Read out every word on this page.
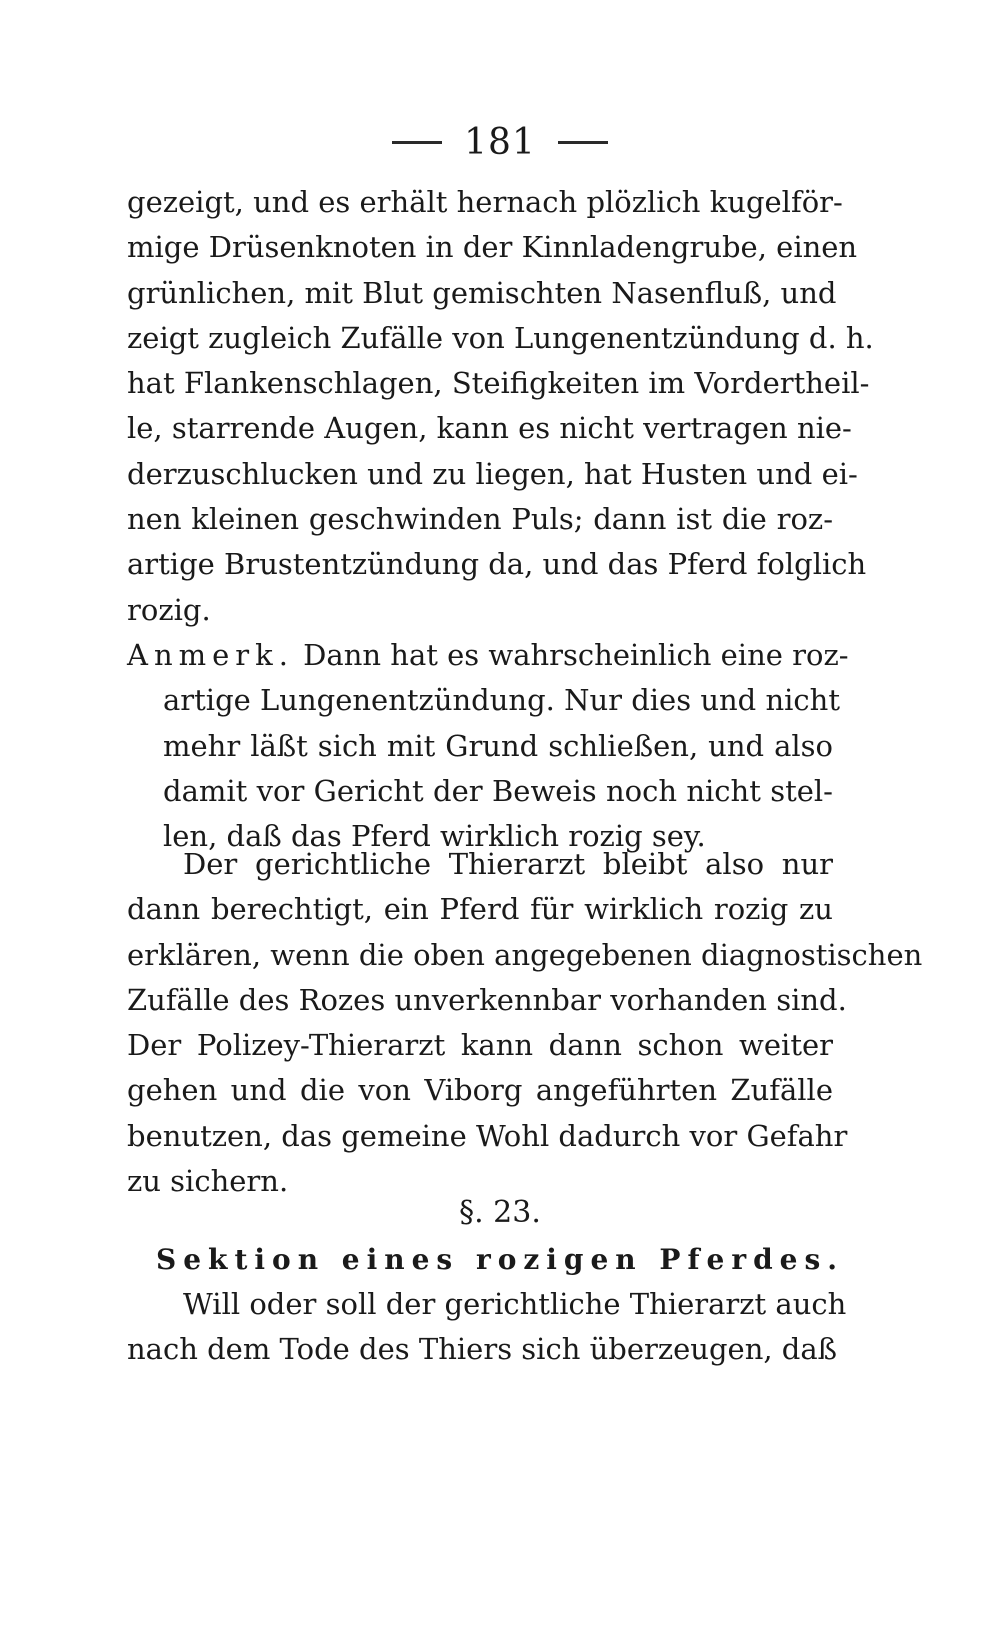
181
gezeigt, und es erhält hernach plözlich kugelför-
mige Drüsenknoten in der Kinnladengrube, einen
grünlichen, mit Blut gemischten Nasenfluß, und
zeigt zugleich Zufälle von Lungenentzündung d. h.
hat Flankenschlagen, Steifigkeiten im Vordertheil-
le, starrende Augen, kann es nicht vertragen nie-
derzuschlucken und zu liegen, hat Husten und ei-
nen kleinen geschwinden Puls; dann ist die roz-
artige Brustentzündung da, und das Pferd folglich
rozig.
Anmerk. Dann hat es wahrscheinlich eine roz-
artige Lungenentzündung. Nur dies und nicht
mehr läßt sich mit Grund schließen, und also
damit vor Gericht der Beweis noch nicht stel-
len, daß das Pferd wirklich rozig sey.
Der gerichtliche Thierarzt bleibt also nur
dann berechtigt, ein Pferd für wirklich rozig zu
erklären, wenn die oben angegebenen diagnostischen
Zufälle des Rozes unverkennbar vorhanden sind.
Der Polizey-Thierarzt kann dann schon weiter
gehen und die von Viborg angeführten Zufälle
benutzen, das gemeine Wohl dadurch vor Gefahr
zu sichern.
§. 23.
Sektion eines rozigen Pferdes.
Will oder soll der gerichtliche Thierarzt auch
nach dem Tode des Thiers sich überzeugen, daß
